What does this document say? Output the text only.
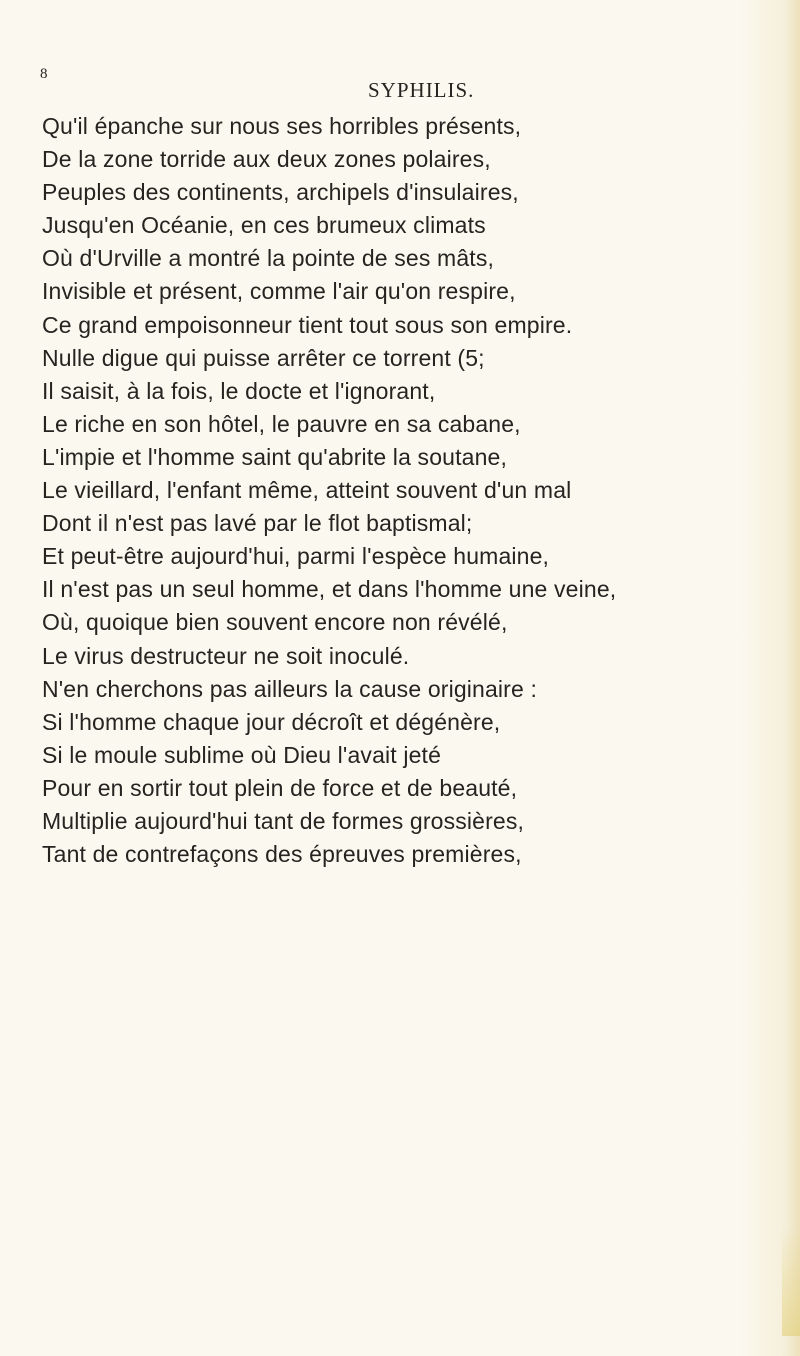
8
SYPHILIS.
Qu'il épanche sur nous ses horribles présents,
De la zone torride aux deux zones polaires,
Peuples des continents, archipels d'insulaires,
Jusqu'en Océanie, en ces brumeux climats
Où d'Urville a montré la pointe de ses mâts,
Invisible et présent, comme l'air qu'on respire,
Ce grand empoisonneur tient tout sous son empire.
Nulle digue qui puisse arrêter ce torrent (5;
Il saisit, à la fois, le docte et l'ignorant,
Le riche en son hôtel, le pauvre en sa cabane,
L'impie et l'homme saint qu'abrite la soutane,
Le vieillard, l'enfant même, atteint souvent d'un mal
Dont il n'est pas lavé par le flot baptismal;
Et peut-être aujourd'hui, parmi l'espèce humaine,
Il n'est pas un seul homme, et dans l'homme une veine,
Où, quoique bien souvent encore non révélé,
Le virus destructeur ne soit inoculé.
N'en cherchons pas ailleurs la cause originaire :
Si l'homme chaque jour décroît et dégénère,
Si le moule sublime où Dieu l'avait jeté
Pour en sortir tout plein de force et de beauté,
Multiplie aujourd'hui tant de formes grossières,
Tant de contrefaçons des épreuves premières,
